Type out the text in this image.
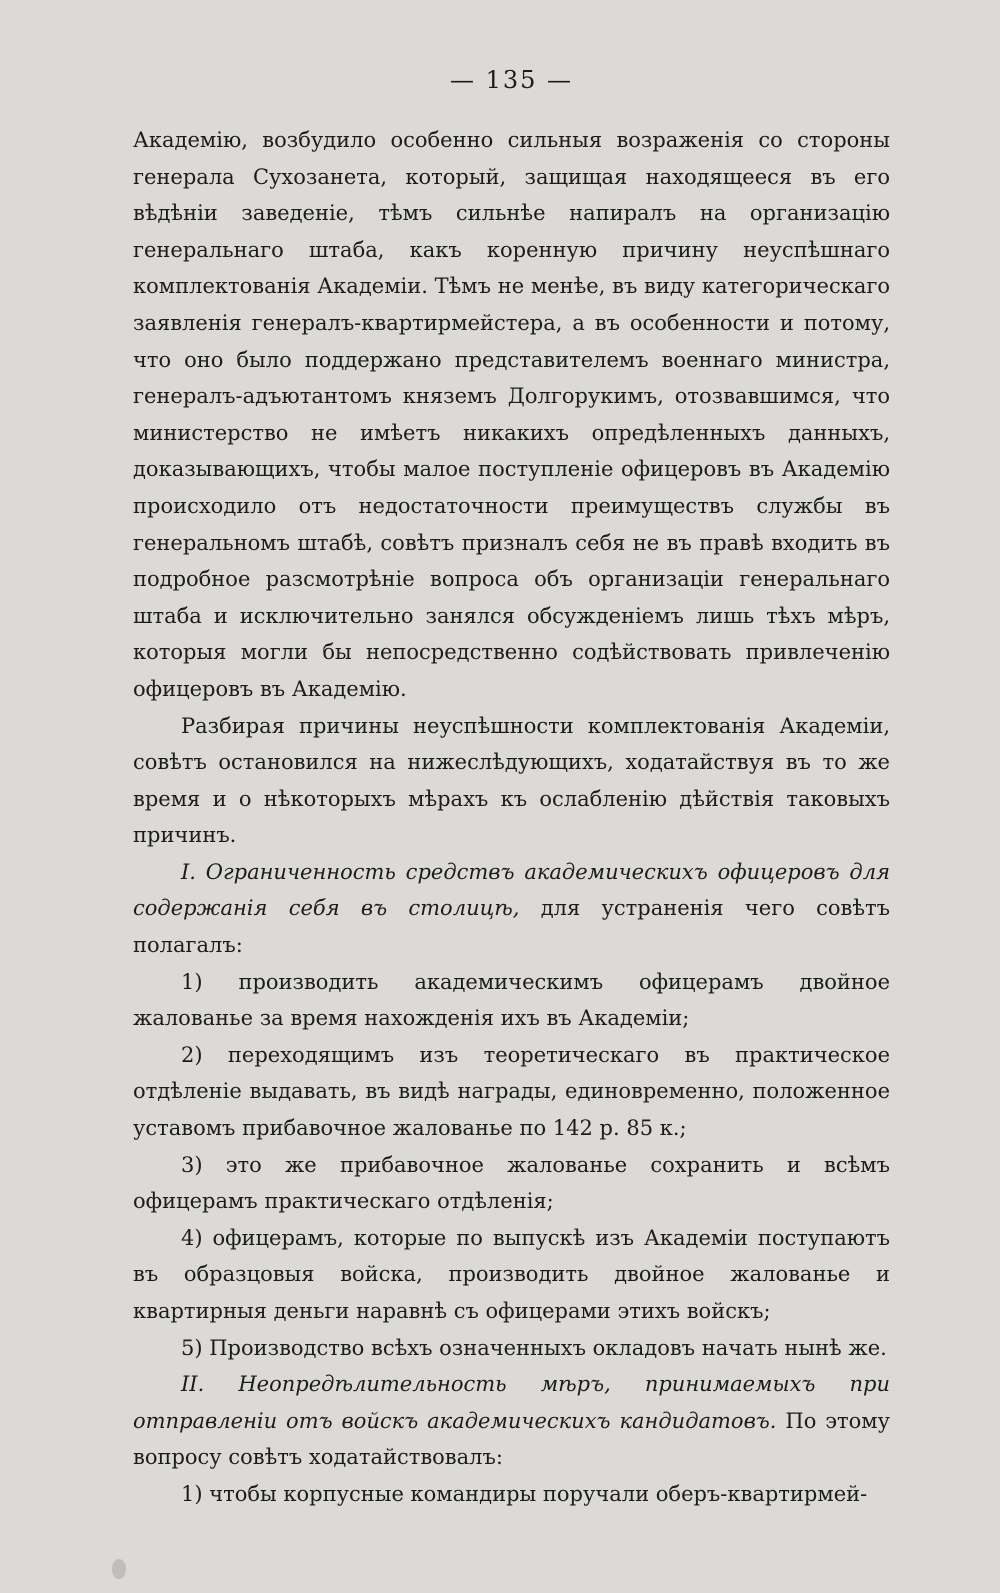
— 135 —

Академію, возбудило особенно сильныя возраженія со стороны генерала Сухозанета, который, защищая находящееся въ его вѣдѣніи заведеніе, тѣмъ сильнѣе напиралъ на организацію генеральнаго штаба, какъ коренную причину неуспѣшнаго комплектованія Академіи. Тѣмъ не менѣе, въ виду категорическаго заявленія генералъ-квартирмейстера, а въ особенности и потому, что оно было поддержано представителемъ военнаго министра, генералъ-адъютантомъ княземъ Долгорукимъ, отозвавшимся, что министерство не имѣетъ никакихъ опредѣленныхъ данныхъ, доказывающихъ, чтобы малое поступленіе офицеровъ въ Академію происходило отъ недостаточности преимуществъ службы въ генеральномъ штабѣ, совѣтъ призналъ себя не въ правѣ входить въ подробное разсмотрѣніе вопроса объ организаціи генеральнаго штаба и исключительно занялся обсужденіемъ лишь тѣхъ мѣръ, которыя могли бы непосредственно содѣйствовать привлеченію офицеровъ въ Академію.

Разбирая причины неуспѣшности комплектованія Академіи, совѣтъ остановился на нижеслѣдующихъ, ходатайствуя въ то же время и о нѣкоторыхъ мѣрахъ къ ослабленію дѣйствія таковыхъ причинъ.

I. Ограниченность средствъ академическихъ офицеровъ для содержанія себя въ столицѣ, для устраненія чего совѣтъ полагалъ:

1) производить академическимъ офицерамъ двойное жалованье за время нахожденія ихъ въ Академіи;

2) переходящимъ изъ теоретическаго въ практическое отдѣленіе выдавать, въ видѣ награды, единовременно, положенное уставомъ прибавочное жалованье по 142 р. 85 к.;

3) это же прибавочное жалованье сохранить и всѣмъ офицерамъ практическаго отдѣленія;

4) офицерамъ, которые по выпускѣ изъ Академіи поступаютъ въ образцовыя войска, производить двойное жалованье и квартирныя деньги наравнѣ съ офицерами этихъ войскъ;

5) Производство всѣхъ означенныхъ окладовъ начать нынѣ же.

II. Неопредѣлительность мѣръ, принимаемыхъ при отправленіи отъ войскъ академическихъ кандидатовъ. По этому вопросу совѣтъ ходатайствовалъ:

1) чтобы корпусные командиры поручали оберъ-квартирмей-
